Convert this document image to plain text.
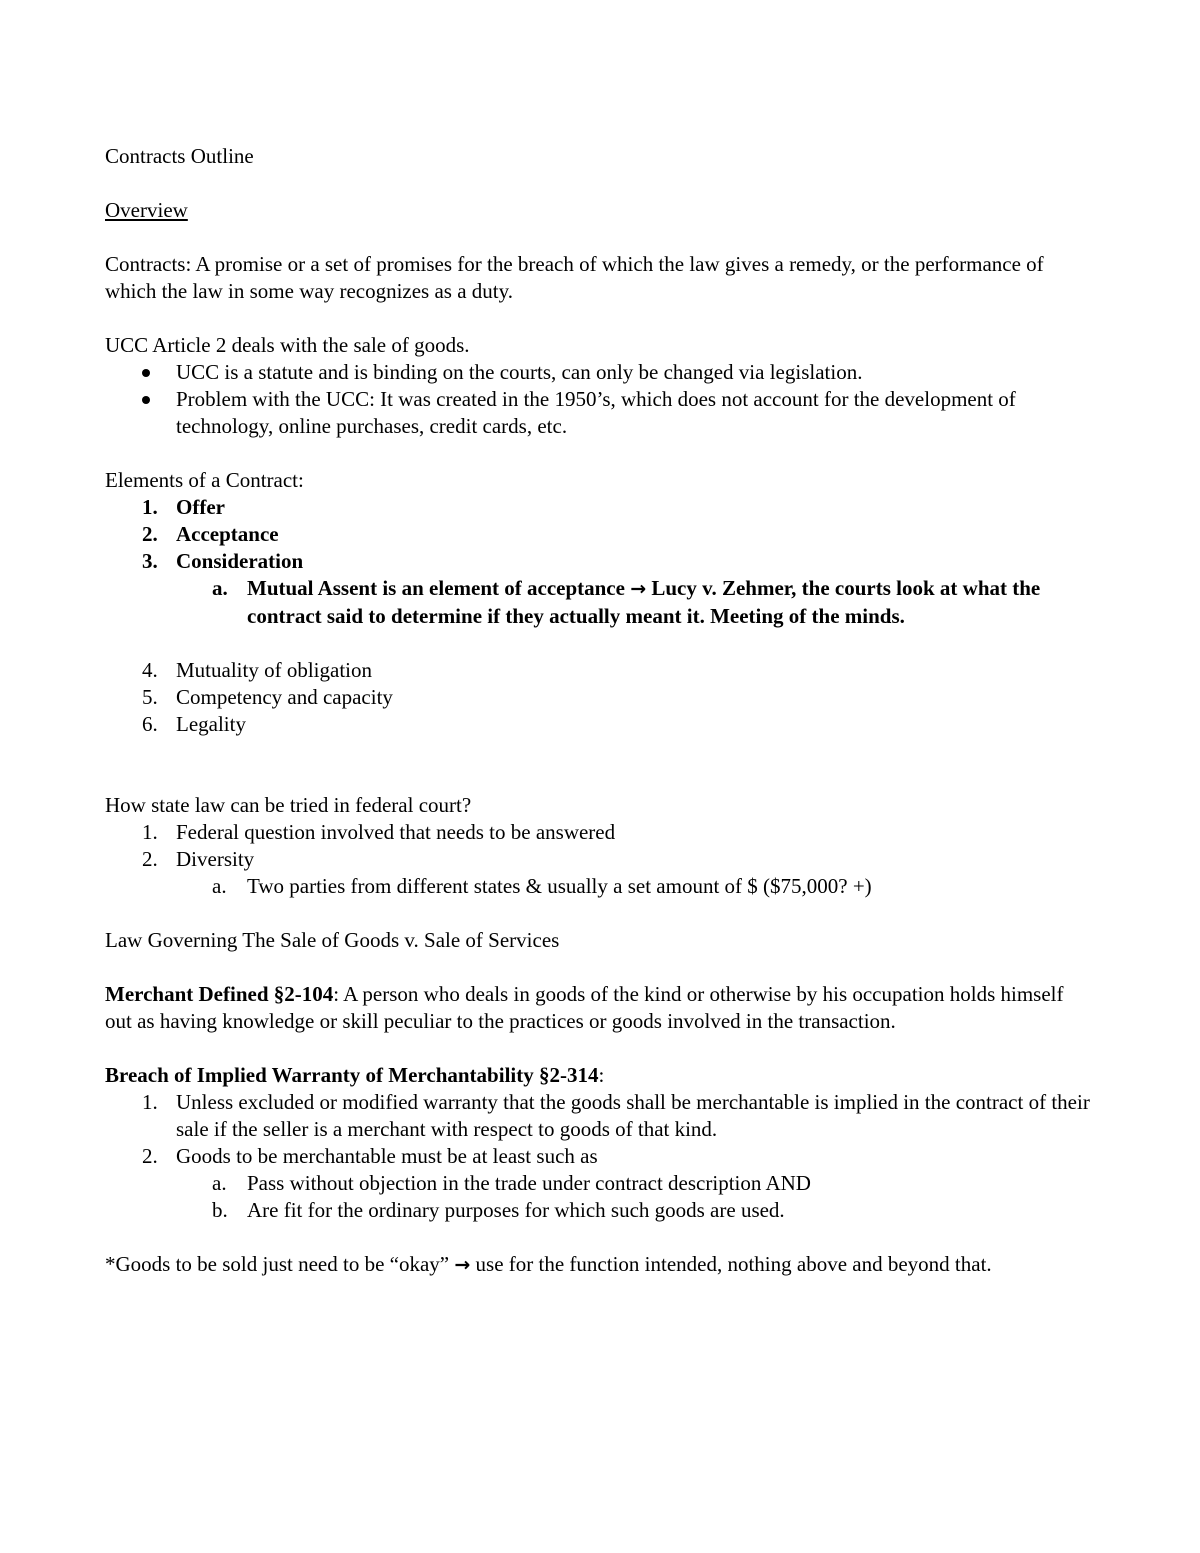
Contracts Outline

Overview

Contracts: A promise or a set of promises for the breach of which the law gives a remedy, or the performance of which the law in some way recognizes as a duty.

UCC Article 2 deals with the sale of goods.

UCC is a statute and is binding on the courts, can only be changed via legislation.
Problem with the UCC: It was created in the 1950’s, which does not account for the development of technology, online purchases, credit cards, etc.

Elements of a Contract:

1. Offer
2. Acceptance
3. Consideration
a. Mutual Assent is an element of acceptance → Lucy v. Zehmer, the courts look at what the contract said to determine if they actually meant it. Meeting of the minds.
4. Mutuality of obligation
5. Competency and capacity
6. Legality

How state law can be tried in federal court?

1. Federal question involved that needs to be answered
2. Diversity
a. Two parties from different states & usually a set amount of $ ($75,000? +)

Law Governing The Sale of Goods v. Sale of Services

Merchant Defined §2-104: A person who deals in goods of the kind or otherwise by his occupation holds himself out as having knowledge or skill peculiar to the practices or goods involved in the transaction.

Breach of Implied Warranty of Merchantability §2-314:

1. Unless excluded or modified warranty that the goods shall be merchantable is implied in the contract of their sale if the seller is a merchant with respect to goods of that kind.
2. Goods to be merchantable must be at least such as
a. Pass without objection in the trade under contract description AND
b. Are fit for the ordinary purposes for which such goods are used.

*Goods to be sold just need to be “okay” → use for the function intended, nothing above and beyond that.
